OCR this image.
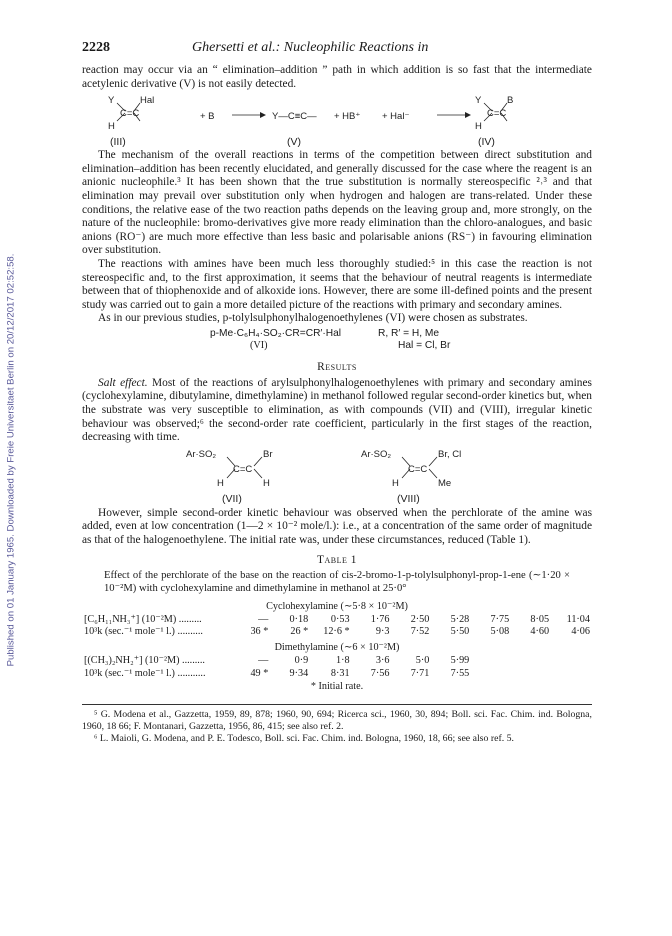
Published on 01 January 1965. Downloaded by Freie Universitaet Berlin on 20/12/2017 02:52:58.
2228	Ghersetti et al.: Nucleophilic Reactions in

reaction may occur via an “ elimination–addition ” path in which addition is so fast that the intermediate acetylenic derivative (V) is not easily detected.

Y	Hal
C=C
H
+ B	Y—C≡C— + HB⁺ + Hal⁻
Y	B
C=C
H
(III)	(V)	(IV)

The mechanism of the overall reactions in terms of the competition between direct substitution and elimination–addition has been recently elucidated, and generally discussed for the case where the reagent is an anionic nucleophile.³ It has been shown that the true substitution is normally stereospecific ²˒³ and that elimination may prevail over substitution only when hydrogen and halogen are trans-related. Under these conditions, the relative ease of the two reaction paths depends on the leaving group and, more strongly, on the nature of the nucleophile: bromo-derivatives give more ready elimination than the chloro-analogues, and basic anions (RO⁻) are much more effective than less basic and polarisable anions (RS⁻) in favouring elimination over substitution.

The reactions with amines have been much less thoroughly studied:⁵ in this case the reaction is not stereospecific and, to the first approximation, it seems that the behaviour of neutral reagents is intermediate between that of thiophenoxide and of alkoxide ions. However, there are some ill-defined points and the present study was carried out to gain a more detailed picture of the reactions with primary and secondary amines.

As in our previous studies, p-tolylsulphonylhalogenoethylenes (VI) were chosen as substrates.

p-Me·C₆H₄·SO₂·CR=CR′·Hal	R, R′ = H, Me
(VI)	Hal = Cl, Br
Results

Salt effect. Most of the reactions of arylsulphonylhalogenoethylenes with primary and secondary amines (cyclohexylamine, dibutylamine, dimethylamine) in methanol followed regular second-order kinetics but, when the substrate was very susceptible to elimination, as with compounds (VII) and (VIII), irregular kinetic behaviour was observed;⁶ the second-order rate coefficient, particularly in the first stages of the reaction, decreasing with time.

Ar·SO₂	Br
C=C
H	H
Ar·SO₂	Br, Cl
C=C
H	Me
(VII)	(VIII)

However, simple second-order kinetic behaviour was observed when the perchlorate of the amine was added, even at low concentration (1—2 × 10⁻² mole/l.): i.e., at a concentration of the same order of magnitude as that of the halogenoethylene. The initial rate was, under these circumstances, reduced (Table 1).

Table 1

Effect of the perchlorate of the base on the reaction of cis-2-bromo-1-p-tolylsulphonyl-prop-1-ene (∼1·20 × 10⁻²M) with cyclohexylamine and dimethylamine in methanol at 25·0°

Cyclohexylamine (∼5·8 × 10⁻²M)									
[C₆H₁₁NH₃⁺] (10⁻²M) .........	—	0·18	0·53	1·76	2·50	5·28	7·75	8·05	11·04
10³k (sec.⁻¹ mole⁻¹ l.) ..........	36 *	26 *	12·6 *	9·3	7·52	5·50	5·08	4·60	4·06
Dimethylamine (∼6 × 10⁻²M)									
[(CH₃)₂NH₂⁺] (10⁻²M) .........	—	0·9	1·8	3·6	5·0	5·99			
10³k (sec.⁻¹ mole⁻¹ l.) ...........	49 *	9·34	8·31	7·56	7·71	7·55			
* Initial rate.

⁵ G. Modena et al., Gazzetta, 1959, 89, 878; 1960, 90, 694; Ricerca sci., 1960, 30, 894; Boll. sci. Fac. Chim. ind. Bologna, 1960, 18 66; F. Montanari, Gazzetta, 1956, 86, 415; see also ref. 2.

⁶ L. Maioli, G. Modena, and P. E. Todesco, Boll. sci. Fac. Chim. ind. Bologna, 1960, 18, 66; see also ref. 5.
